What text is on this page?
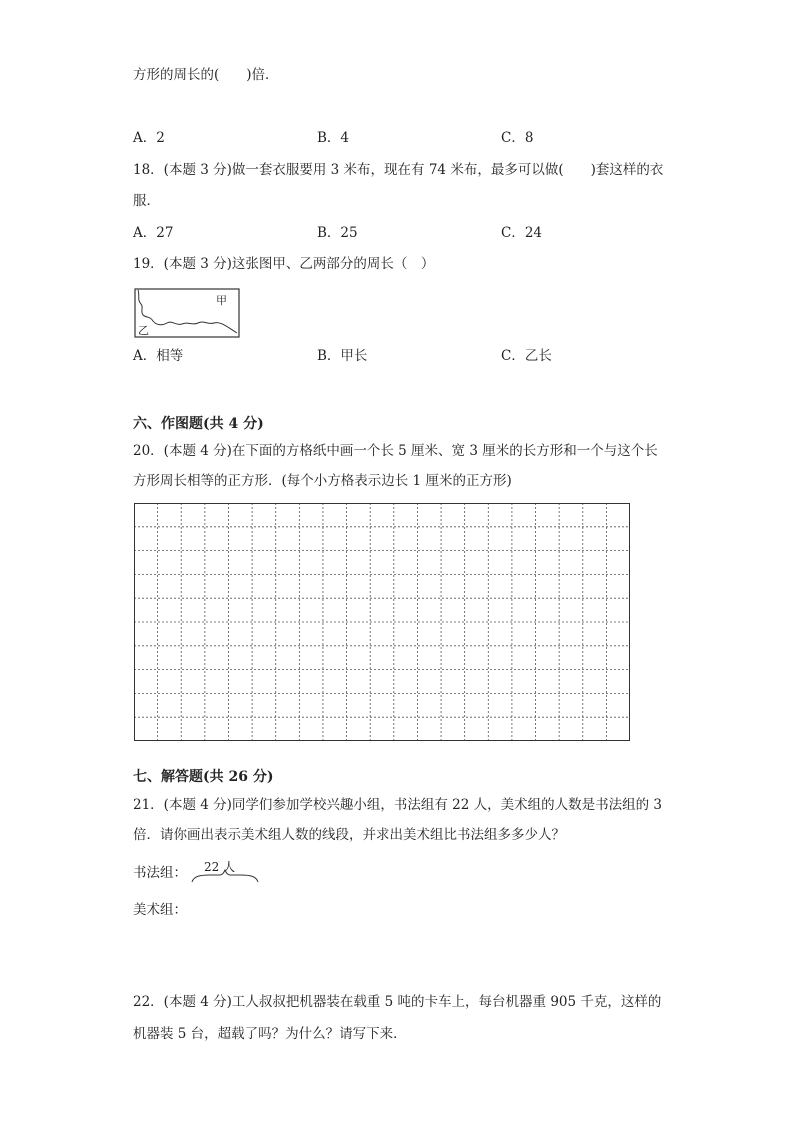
方形的周长的(　　)倍．
A．2	B．4	C．8
18．(本题 3 分)做一套衣服要用 3 米布，现在有 74 米布，最多可以做(　　)套这样的衣
服．
A．27	B．25	C．24
19．(本题 3 分)这张图甲、乙两部分的周长（　）
甲
乙
A．相等	B．甲长	C．乙长
六、作图题(共 4 分)
20．(本题 4 分)在下面的方格纸中画一个长 5 厘米、宽 3 厘米的长方形和一个与这个长
方形周长相等的正方形．(每个小方格表示边长 1 厘米的正方形)
七、解答题(共 26 分)
21．(本题 4 分)同学们参加学校兴趣小组，书法组有 22 人，美术组的人数是书法组的 3
倍．请你画出表示美术组人数的线段，并求出美术组比书法组多多少人？
书法组： 22 人
美术组：
22．(本题 4 分)工人叔叔把机器装在载重 5 吨的卡车上，每台机器重 905 千克，这样的
机器装 5 台，超载了吗？为什么？请写下来．
